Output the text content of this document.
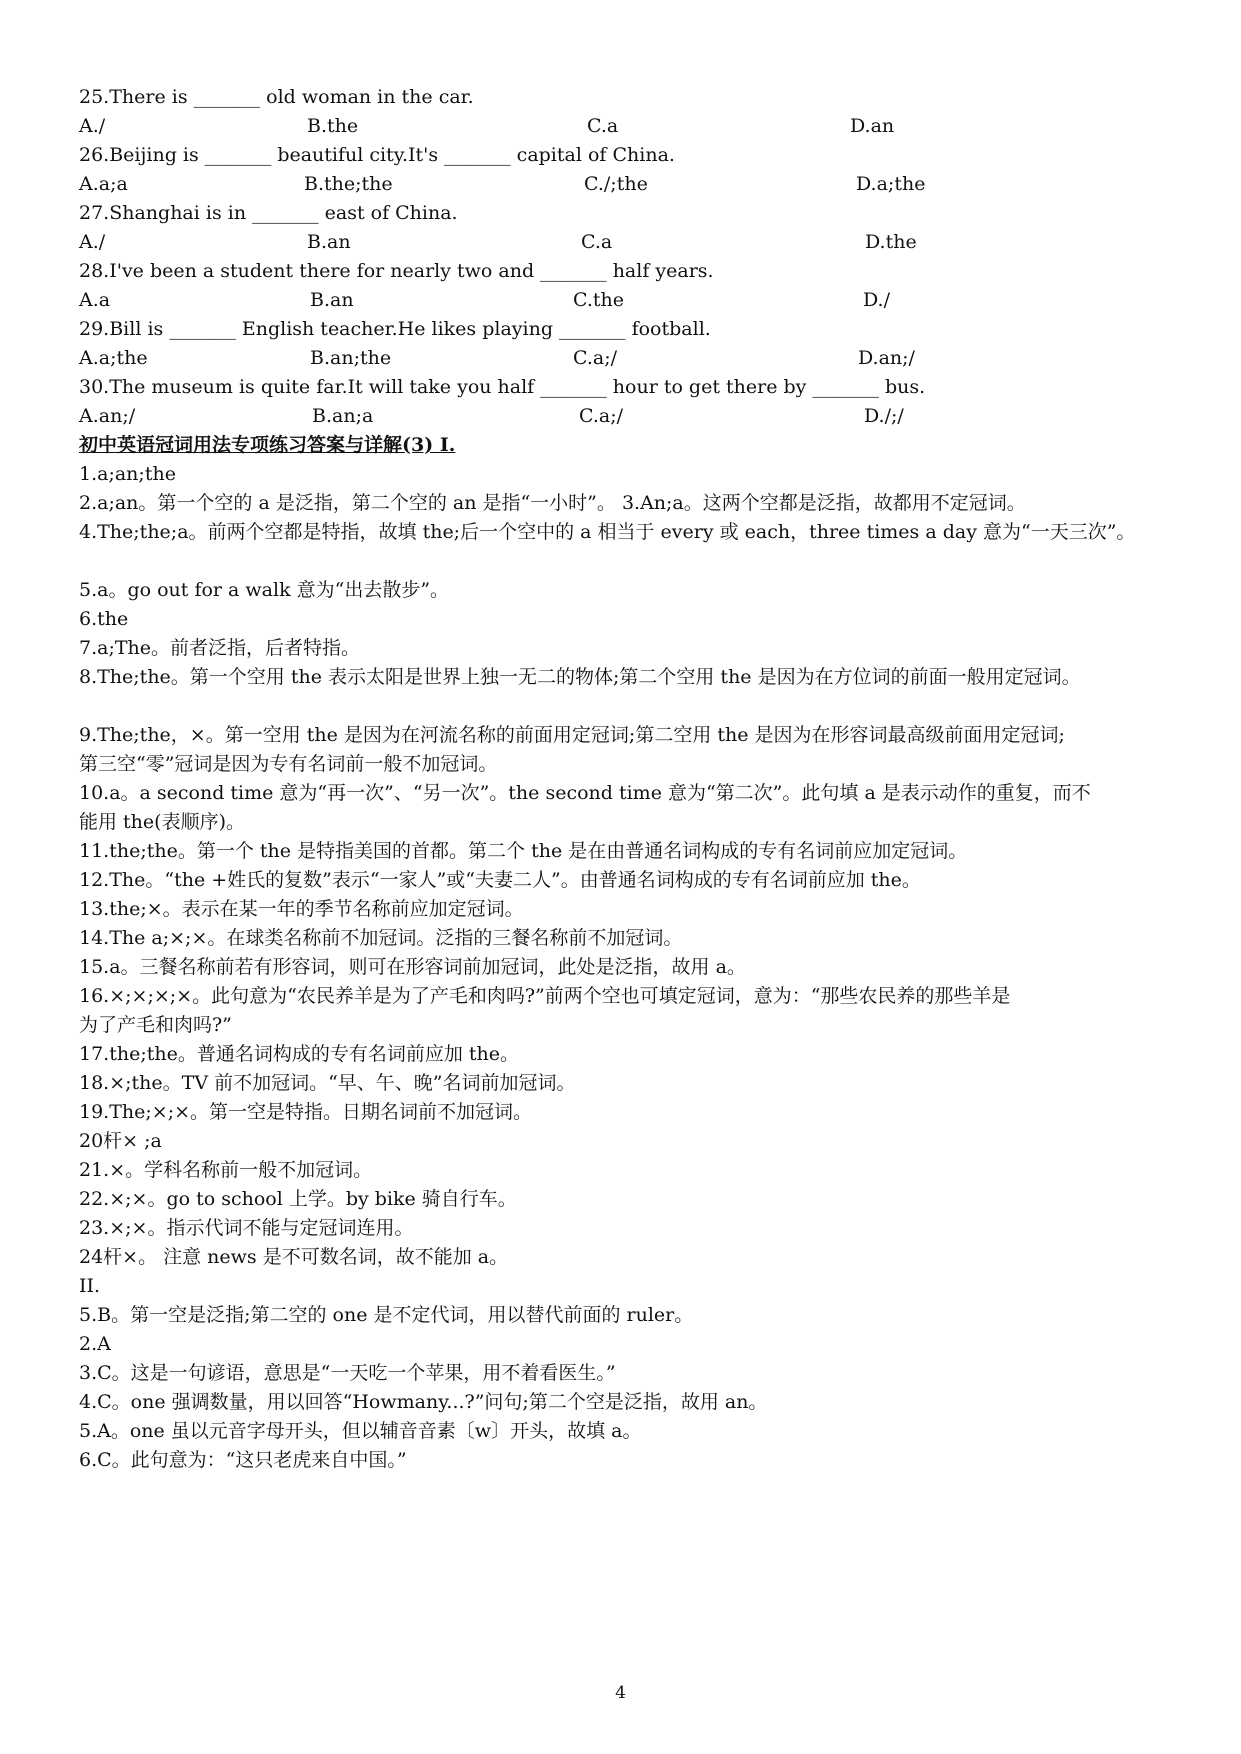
25.There is _______ old woman in the car.
A./	B.the	C.a	D.an
26.Beijing is _______ beautiful city.It's _______ capital of China.
A.a;a	B.the;the	C./;the	D.a;the
27.Shanghai is in _______ east of China.
A./	B.an	C.a	D.the
28.I've been a student there for nearly two and _______ half years.
A.a	B.an	C.the	D./
29.Bill is _______ English teacher.He likes playing _______ football.
A.a;the	B.an;the	C.a;/	D.an;/
30.The museum is quite far.It will take you half _______ hour to get there by _______ bus.
A.an;/	B.an;a	C.a;/	D./;/
初中英语冠词用法专项练习答案与详解(3) I.
1.a;an;the
2.a;an。第一个空的 a 是泛指，第二个空的 an 是指“一小时”。 3.An;a。这两个空都是泛指，故都用不定冠词。
4.The;the;a。前两个空都是特指，故填 the;后一个空中的 a 相当于 every 或 each，three times a day 意为“一天三次”。
5.a。go out for a walk 意为“出去散步”。
6.the
7.a;The。前者泛指，后者特指。
8.The;the。第一个空用 the 表示太阳是世界上独一无二的物体;第二个空用 the 是因为在方位词的前面一般用定冠词。
9.The;the，×。第一空用 the 是因为在河流名称的前面用定冠词;第二空用 the 是因为在形容词最高级前面用定冠词;
第三空“零”冠词是因为专有名词前一般不加冠词。
10.a。a second time 意为“再一次”、“另一次”。the second time 意为“第二次”。此句填 a 是表示动作的重复，而不
能用 the(表顺序)。
11.the;the。第一个 the 是特指美国的首都。第二个 the 是在由普通名词构成的专有名词前应加定冠词。
12.The。“the +姓氏的复数”表示“一家人”或“夫妻二人”。由普通名词构成的专有名词前应加 the。
13.the;×。表示在某一年的季节名称前应加定冠词。
14.The a;×;×。在球类名称前不加冠词。泛指的三餐名称前不加冠词。
15.a。三餐名称前若有形容词，则可在形容词前加冠词，此处是泛指，故用 a。
16.×;×;×;×。此句意为“农民养羊是为了产毛和肉吗?”前两个空也可填定冠词，意为：“那些农民养的那些羊是
为了产毛和肉吗?”
17.the;the。普通名词构成的专有名词前应加 the。
18.×;the。TV 前不加冠词。“早、午、晚”名词前加冠词。
19.The;×;×。第一空是特指。日期名词前不加冠词。
20杆× ;a
21.×。学科名称前一般不加冠词。
22.×;×。go to school 上学。by bike 骑自行车。
23.×;×。指示代词不能与定冠词连用。
24杆×。 注意 news 是不可数名词，故不能加 a。
II.
5.B。第一空是泛指;第二空的 one 是不定代词，用以替代前面的 ruler。
2.A
3.C。这是一句谚语，意思是“一天吃一个苹果，用不着看医生。”
4.C。one 强调数量，用以回答“Howmany...?”问句;第二个空是泛指，故用 an。
5.A。one 虽以元音字母开头，但以辅音音素〔w〕开头，故填 a。
6.C。此句意为：“这只老虎来自中国。”
4
